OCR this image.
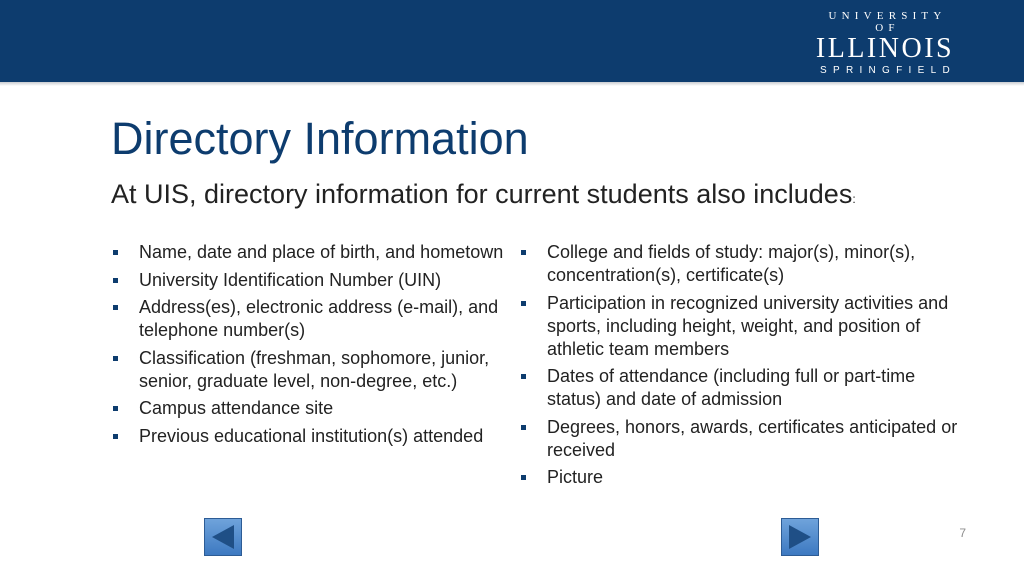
UNIVERSITY OF
ILLINOIS
SPRINGFIELD
Directory Information

At UIS, directory information for current students also includes:

Name, date and place of birth, and hometown
University Identification Number (UIN)
Address(es), electronic address (e-mail), and telephone number(s)
Classification (freshman, sophomore, junior, senior, graduate level, non-degree, etc.)
Campus attendance site
Previous educational institution(s) attended
College and fields of study: major(s), minor(s), concentration(s), certificate(s)
Participation in recognized university activities and sports, including height, weight, and position of athletic team members
Dates of attendance (including full or part-time status) and date of admission
Degrees, honors, awards, certificates anticipated or received
Picture
7
